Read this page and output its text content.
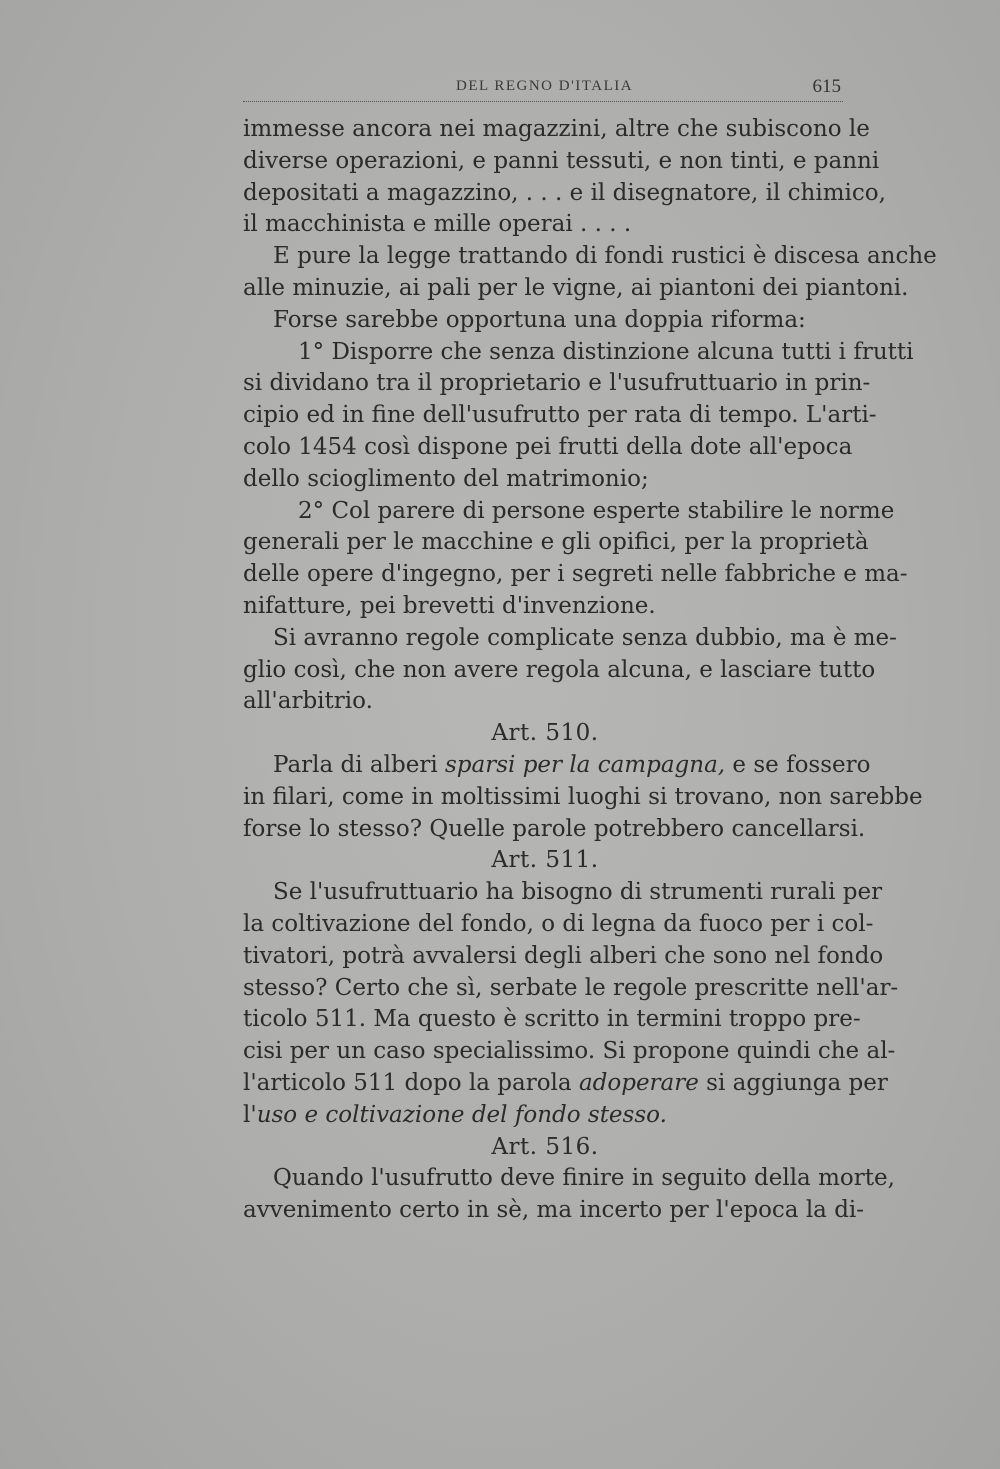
DEL REGNO D'ITALIA	615
immesse ancora nei magazzini, altre che subiscono le
diverse operazioni, e panni tessuti, e non tinti, e panni
depositati a magazzino, . . . e il disegnatore, il chimico,
il macchinista e mille operai . . . .
E pure la legge trattando di fondi rustici è discesa anche
alle minuzie, ai pali per le vigne, ai piantoni dei piantoni.
Forse sarebbe opportuna una doppia riforma:
1° Disporre che senza distinzione alcuna tutti i frutti
si dividano tra il proprietario e l'usufruttuario in prin-
cipio ed in fine dell'usufrutto per rata di tempo. L'arti-
colo 1454 così dispone pei frutti della dote all'epoca
dello scioglimento del matrimonio;
2° Col parere di persone esperte stabilire le norme
generali per le macchine e gli opifici, per la proprietà
delle opere d'ingegno, per i segreti nelle fabbriche e ma-
nifatture, pei brevetti d'invenzione.
Si avranno regole complicate senza dubbio, ma è me-
glio così, che non avere regola alcuna, e lasciare tutto
all'arbitrio.
Art. 510.
Parla di alberi sparsi per la campagna, e se fossero
in filari, come in moltissimi luoghi si trovano, non sarebbe
forse lo stesso? Quelle parole potrebbero cancellarsi.
Art. 511.
Se l'usufruttuario ha bisogno di strumenti rurali per
la coltivazione del fondo, o di legna da fuoco per i col-
tivatori, potrà avvalersi degli alberi che sono nel fondo
stesso? Certo che sì, serbate le regole prescritte nell'ar-
ticolo 511. Ma questo è scritto in termini troppo pre-
cisi per un caso specialissimo. Si propone quindi che al-
l'articolo 511 dopo la parola adoperare si aggiunga per
l'uso e coltivazione del fondo stesso.
Art. 516.
Quando l'usufrutto deve finire in seguito della morte,
avvenimento certo in sè, ma incerto per l'epoca la di-
